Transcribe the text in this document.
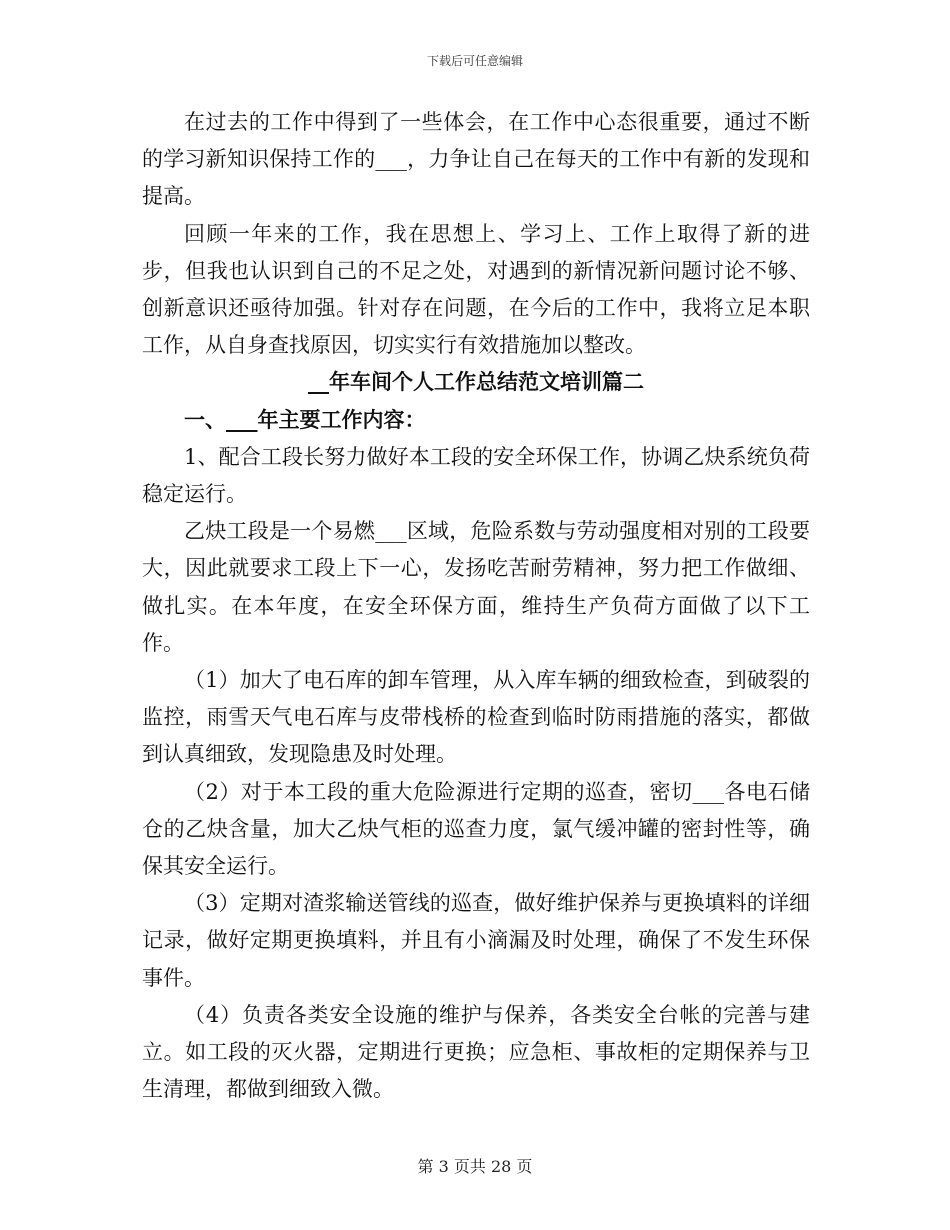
下载后可任意编辑

在过去的工作中得到了一些体会，在工作中心态很重要，通过不断的学习新知识保持工作的___，力争让自己在每天的工作中有新的发现和提高。

回顾一年来的工作，我在思想上、学习上、工作上取得了新的进步，但我也认识到自己的不足之处，对遇到的新情况新问题讨论不够、创新意识还亟待加强。针对存在问题，在今后的工作中，我将立足本职工作，从自身查找原因，切实实行有效措施加以整改。

__年车间个人工作总结范文培训篇二

一、___年主要工作内容：

1、配合工段长努力做好本工段的安全环保工作，协调乙炔系统负荷稳定运行。

乙炔工段是一个易燃___区域，危险系数与劳动强度相对别的工段要大，因此就要求工段上下一心，发扬吃苦耐劳精神，努力把工作做细、做扎实。在本年度，在安全环保方面，维持生产负荷方面做了以下工作。

（1）加大了电石库的卸车管理，从入库车辆的细致检查，到破裂的监控，雨雪天气电石库与皮带栈桥的检查到临时防雨措施的落实，都做到认真细致，发现隐患及时处理。

（2）对于本工段的重大危险源进行定期的巡查，密切___各电石储仓的乙炔含量，加大乙炔气柜的巡查力度，氯气缓冲罐的密封性等，确保其安全运行。

（3）定期对渣浆输送管线的巡查，做好维护保养与更换填料的详细记录，做好定期更换填料，并且有小滴漏及时处理，确保了不发生环保事件。

（4）负责各类安全设施的维护与保养，各类安全台帐的完善与建立。如工段的灭火器，定期进行更换；应急柜、事故柜的定期保养与卫生清理，都做到细致入微。

第 3 页共 28 页
